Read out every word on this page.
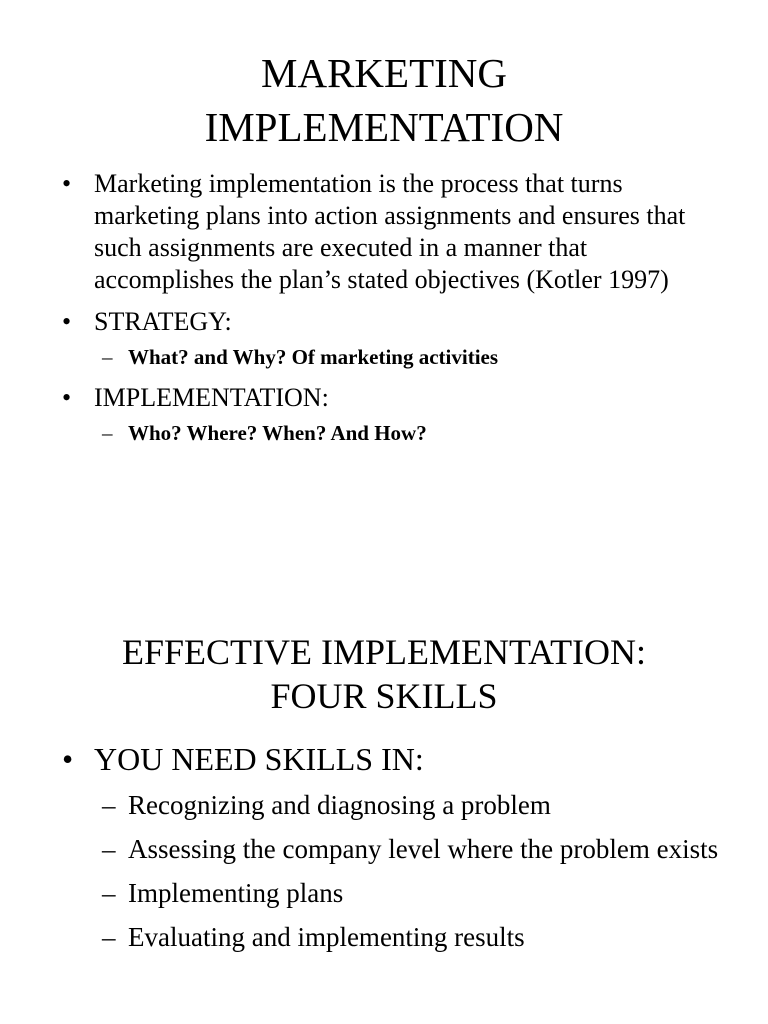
MARKETING
IMPLEMENTATION
• Marketing implementation is the process that turns marketing plans into action assignments and ensures that such assignments are executed in a manner that accomplishes the plan’s stated objectives (Kotler 1997)
• STRATEGY:
– What? and Why? Of marketing activities
• IMPLEMENTATION:
– Who? Where? When? And How?
EFFECTIVE IMPLEMENTATION:
FOUR SKILLS
• YOU NEED SKILLS IN:
– Recognizing and diagnosing a problem
– Assessing the company level where the problem exists
– Implementing plans
– Evaluating and implementing results
